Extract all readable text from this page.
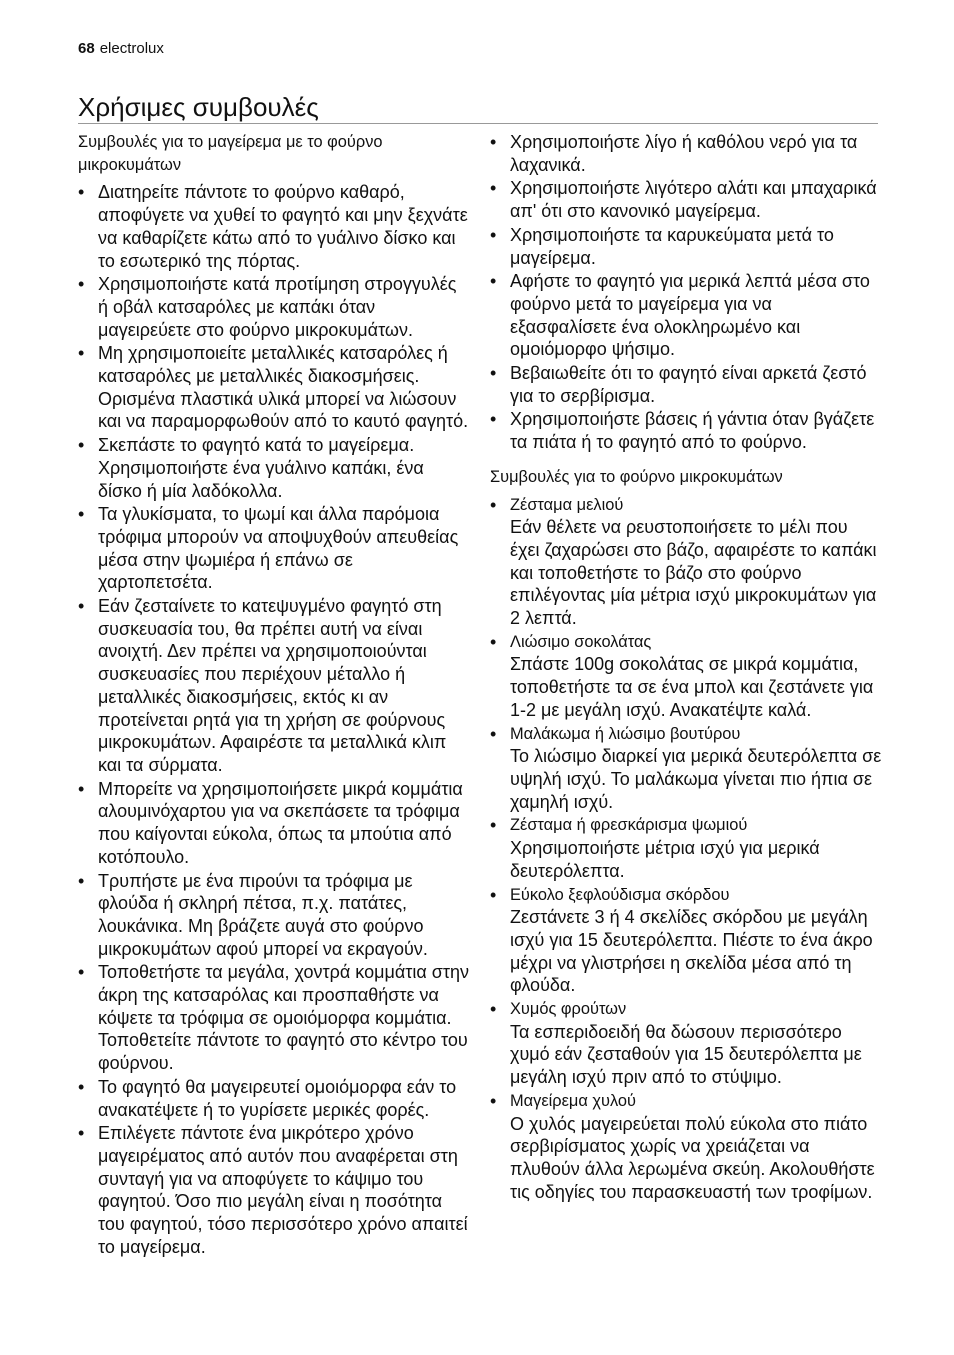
68 electrolux
Χρήσιμες συμβουλές
Συμβουλές για το μαγείρεμα με το φούρνο μικροκυμάτων
• Διατηρείτε πάντοτε το φούρνο καθαρό, αποφύγετε να χυθεί το φαγητό και μην ξεχνάτε να καθαρίζετε κάτω από το γυάλινο δίσκο και το εσωτερικό της πόρτας.
• Χρησιμοποιήστε κατά προτίμηση στρογγυλές ή οβάλ κατσαρόλες με καπάκι όταν μαγειρεύετε στο φούρνο μικροκυμάτων.
• Μη χρησιμοποιείτε μεταλλικές κατσαρόλες ή κατσαρόλες με μεταλλικές διακοσμήσεις. Ορισμένα πλαστικά υλικά μπορεί να λιώσουν και να παραμορφωθούν από το καυτό φαγητό.
• Σκεπάστε το φαγητό κατά το μαγείρεμα. Χρησιμοποιήστε ένα γυάλινο καπάκι, ένα δίσκο ή μία λαδόκολλα.
• Τα γλυκίσματα, το ψωμί και άλλα παρόμοια τρόφιμα μπορούν να αποψυχθούν απευθείας μέσα στην ψωμιέρα ή επάνω σε χαρτοπετσέτα.
• Εάν ζεσταίνετε το κατεψυγμένο φαγητό στη συσκευασία του, θα πρέπει αυτή να είναι ανοιχτή. Δεν πρέπει να χρησιμοποιούνται συσκευασίες που περιέχουν μέταλλο ή μεταλλικές διακοσμήσεις, εκτός κι αν προτείνεται ρητά για τη χρήση σε φούρνους μικροκυμάτων. Αφαιρέστε τα μεταλλικά κλιπ και τα σύρματα.
• Μπορείτε να χρησιμοποιήσετε μικρά κομμάτια αλουμινόχαρτου για να σκεπάσετε τα τρόφιμα που καίγονται εύκολα, όπως τα μπούτια από κοτόπουλο.
• Τρυπήστε με ένα πιρούνι τα τρόφιμα με φλούδα ή σκληρή πέτσα, π.χ. πατάτες, λουκάνικα. Μη βράζετε αυγά στο φούρνο μικροκυμάτων αφού μπορεί να εκραγούν.
• Τοποθετήστε τα μεγάλα, χοντρά κομμάτια στην άκρη της κατσαρόλας και προσπαθήστε να κόψετε τα τρόφιμα σε ομοιόμορφα κομμάτια. Τοποθετείτε πάντοτε το φαγητό στο κέντρο του φούρνου.
• Το φαγητό θα μαγειρευτεί ομοιόμορφα εάν το ανακατέψετε ή το γυρίσετε μερικές φορές.
• Επιλέγετε πάντοτε ένα μικρότερο χρόνο μαγειρέματος από αυτόν που αναφέρεται στη συνταγή για να αποφύγετε το κάψιμο του φαγητού. Όσο πιο μεγάλη είναι η ποσότητα του φαγητού, τόσο περισσότερο χρόνο απαιτεί το μαγείρεμα.
• Χρησιμοποιήστε λίγο ή καθόλου νερό για τα λαχανικά.
• Χρησιμοποιήστε λιγότερο αλάτι και μπαχαρικά απ' ότι στο κανονικό μαγείρεμα.
• Χρησιμοποιήστε τα καρυκεύματα μετά το μαγείρεμα.
• Αφήστε το φαγητό για μερικά λεπτά μέσα στο φούρνο μετά το μαγείρεμα για να εξασφαλίσετε ένα ολοκληρωμένο και ομοιόμορφο ψήσιμο.
• Βεβαιωθείτε ότι το φαγητό είναι αρκετά ζεστό για το σερβίρισμα.
• Χρησιμοποιήστε βάσεις ή γάντια όταν βγάζετε τα πιάτα ή το φαγητό από το φούρνο.
Συμβουλές για το φούρνο μικροκυμάτων
• Ζέσταμα μελιού
Εάν θέλετε να ρευστοποιήσετε το μέλι που έχει ζαχαρώσει στο βάζο, αφαιρέστε το καπάκι και τοποθετήστε το βάζο στο φούρνο επιλέγοντας μία μέτρια ισχύ μικροκυμάτων για 2 λεπτά.
• Λιώσιμο σοκολάτας
Σπάστε 100g σοκολάτας σε μικρά κομμάτια, τοποθετήστε τα σε ένα μπολ και ζεστάνετε για 1-2 με μεγάλη ισχύ. Ανακατέψτε καλά.
• Μαλάκωμα ή λιώσιμο βουτύρου
Το λιώσιμο διαρκεί για μερικά δευτερόλεπτα σε υψηλή ισχύ. Το μαλάκωμα γίνεται πιο ήπια σε χαμηλή ισχύ.
• Ζέσταμα ή φρεσκάρισμα ψωμιού
Χρησιμοποιήστε μέτρια ισχύ για μερικά δευτερόλεπτα.
• Εύκολο ξεφλούδισμα σκόρδου
Ζεστάνετε 3 ή 4 σκελίδες σκόρδου με μεγάλη ισχύ για 15 δευτερόλεπτα. Πιέστε το ένα άκρο μέχρι να γλιστρήσει η σκελίδα μέσα από τη φλούδα.
• Χυμός φρούτων
Τα εσπεριδοειδή θα δώσουν περισσότερο χυμό εάν ζεσταθούν για 15 δευτερόλεπτα με μεγάλη ισχύ πριν από το στύψιμο.
• Μαγείρεμα χυλού
Ο χυλός μαγειρεύεται πολύ εύκολα στο πιάτο σερβιρίσματος χωρίς να χρειάζεται να πλυθούν άλλα λερωμένα σκεύη. Ακολουθήστε τις οδηγίες του παρασκευαστή των τροφίμων.
